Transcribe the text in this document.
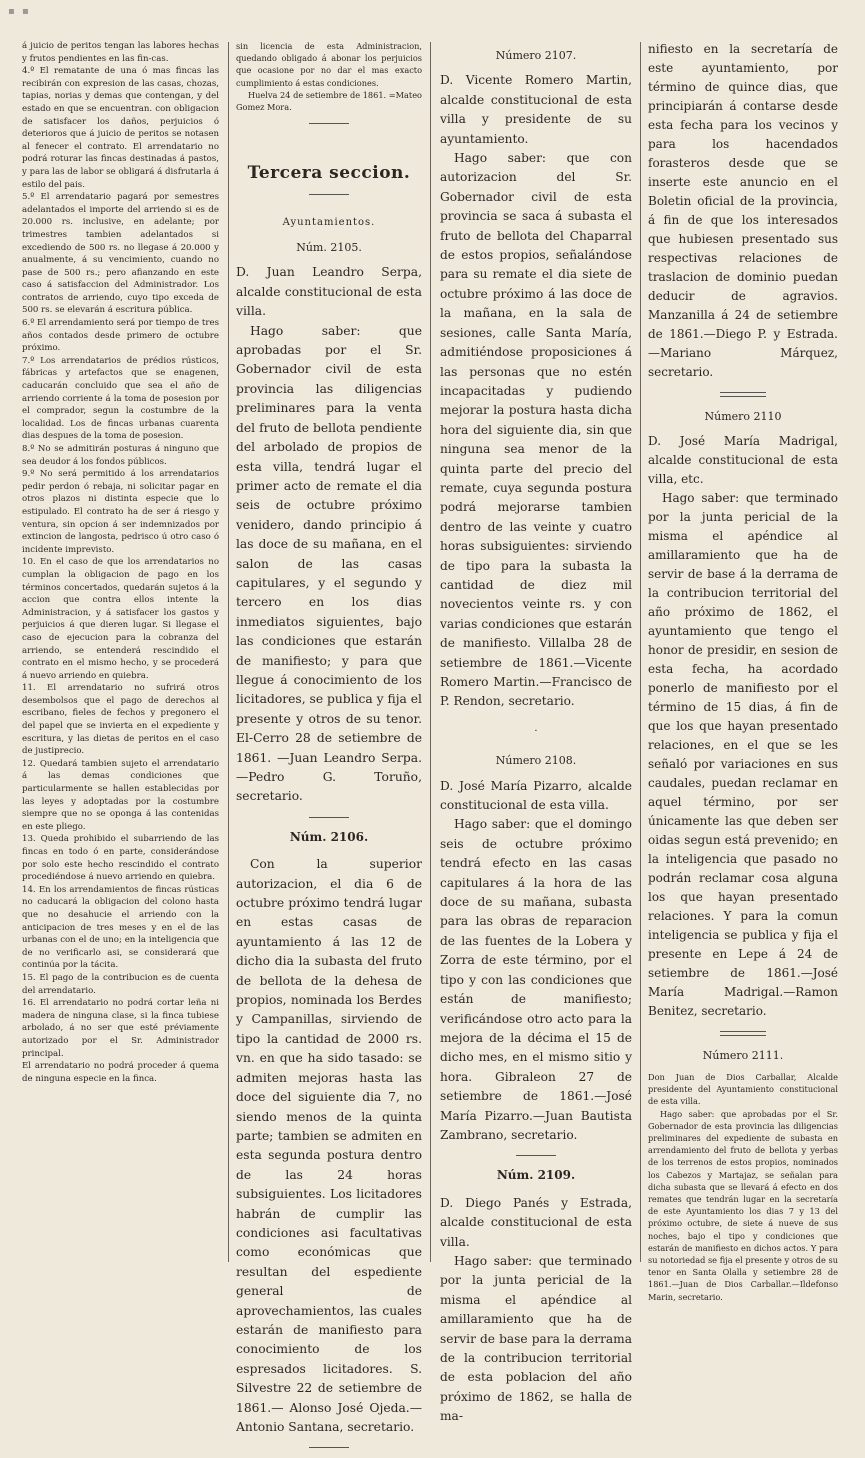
▪ ▪

á juicio de peritos tengan las labores hechas y frutos pendientes en las fin-cas.

4.º El rematante de una ó mas fincas las recibirán con expresion de las casas, chozas, tapias, norias y demas que contengan, y del estado en que se encuentran. con obligacion de satisfacer los daños, perjuicios ó deterioros que á juicio de peritos se notasen al fenecer el contrato. El arrendatario no podrá roturar las fincas destinadas á pastos, y para las de labor se obligará á disfrutarla á estilo del pais.

5.º El arrendatario pagará por semestres adelantados el importe del arriendo si es de 20.000 rs. inclusive, en adelante; por trimestres tambien adelantados si excediendo de 500 rs. no llegase á 20.000 y anualmente, á su vencimiento, cuando no pase de 500 rs.; pero afianzando en este caso á satisfaccion del Administrador. Los contratos de arriendo, cuyo tipo exceda de 500 rs. se elevarán á escritura pública.

6.º El arrendamiento será por tiempo de tres años contados desde primero de octubre próximo.

7.º Los arrendatarios de prédios rústicos, fábricas y artefactos que se enagenen, caducarán concluido que sea el año de arriendo corriente á la toma de posesion por el comprador, segun la costumbre de la localidad. Los de fincas urbanas cuarenta dias despues de la toma de posesion.

8.º No se admitirán posturas á ninguno que sea deudor á los fondos públicos.

9.º No será permitido á los arrendatarios pedir perdon ó rebaja, ni solicitar pagar en otros plazos ni distinta especie que lo estipulado. El contrato ha de ser á riesgo y ventura, sin opcion á ser indemnizados por extincion de langosta, pedrisco ú otro caso ó incidente imprevisto.

10. En el caso de que los arrendatarios no cumplan la obligacion de pago en los términos concertados, quedarán sujetos á la accion que contra ellos intente la Administracion, y á satisfacer los gastos y perjuicios á que dieren lugar. Si llegase el caso de ejecucion para la cobranza del arriendo, se entenderá rescindido el contrato en el mismo hecho, y se procederá á nuevo arriendo en quiebra.

11. El arrendatario no sufrirá otros desembolsos que el pago de derechos al escribano, fieles de fechos y pregonero el del papel que se invierta en el expediente y escritura, y las dietas de peritos en el caso de justiprecio.

12. Quedará tambien sujeto el arrendatario á las demas condiciones que particularmente se hallen establecidas por las leyes y adoptadas por la costumbre siempre que no se oponga á las contenidas en este pliego.

13. Queda prohibido el subarriendo de las fincas en todo ó en parte, considerándose por solo este hecho rescindido el contrato procediéndose á nuevo arriendo en quiebra.

14. En los arrendamientos de fincas rústicas no caducará la obligacion del colono hasta que no desahucie el arriendo con la anticipacion de tres meses y en el de las urbanas con el de uno; en la inteligencia que de no verificarlo asi, se considerará que continúa por la tácita.

15. El pago de la contribucion es de cuenta del arrendatario.

16. El arrendatario no podrá cortar leña ni madera de ninguna clase, si la finca tubiese arbolado, á no ser que esté préviamente autorizado por el Sr. Administrador principal.

El arrendatario no podrá proceder á quema de ninguna especie en la finca.

sin licencia de esta Administracion, quedando obligado á abonar los perjuicios que ocasione por no dar el mas exacto cumplimiento á estas condiciones.

Huelva 24 de setiembre de 1861. =Mateo Gomez Mora.

Tercera seccion.
Ayuntamientos.
Núm. 2105.

D. Juan Leandro Serpa, alcalde constitucional de esta villa.

Hago saber: que aprobadas por el Sr. Gobernador civil de esta provincia las diligencias preliminares para la venta del fruto de bellota pendiente del arbolado de propios de esta villa, tendrá lugar el primer acto de remate el dia seis de octubre próximo venidero, dando principio á las doce de su mañana, en el salon de las casas capitulares, y el segundo y tercero en los dias inmediatos siguientes, bajo las condiciones que estarán de manifiesto; y para que llegue á conocimiento de los licitadores, se publica y fija el presente y otros de su tenor. El-Cerro 28 de setiembre de 1861. —Juan Leandro Serpa.—Pedro G. Toruño, secretario.

Núm. 2106.

Con la superior autorizacion, el dia 6 de octubre próximo tendrá lugar en estas casas de ayuntamiento á las 12 de dicho dia la subasta del fruto de bellota de la dehesa de propios, nominada los Berdes y Campanillas, sirviendo de tipo la cantidad de 2000 rs. vn. en que ha sido tasado: se admiten mejoras hasta las doce del siguiente dia 7, no siendo menos de la quinta parte; tambien se admiten en esta segunda postura dentro de las 24 horas subsiguientes. Los licitadores habrán de cumplir las condiciones asi facultativas como económicas que resultan del espediente general de aprovechamientos, las cuales estarán de manifiesto para conocimiento de los espresados licitadores. S. Silvestre 22 de setiembre de 1861.— Alonso José Ojeda.—Antonio Santana, secretario.

Número 2107.

D. Vicente Romero Martin, alcalde constitucional de esta villa y presidente de su ayuntamiento.

Hago saber: que con autorizacion del Sr. Gobernador civil de esta provincia se saca á subasta el fruto de bellota del Chaparral de estos propios, señalándose para su remate el dia siete de octubre próximo á las doce de la mañana, en la sala de sesiones, calle Santa María, admitiéndose proposiciones á las personas que no estén incapacitadas y pudiendo mejorar la postura hasta dicha hora del siguiente dia, sin que ninguna sea menor de la quinta parte del precio del remate, cuya segunda postura podrá mejorarse tambien dentro de las veinte y cuatro horas subsiguientes: sirviendo de tipo para la subasta la cantidad de diez mil novecientos veinte rs. y con varias condiciones que estarán de manifiesto. Villalba 28 de setiembre de 1861.—Vicente Romero Martin.—Francisco de P. Rendon, secretario.

·
Número 2108.

D. José María Pizarro, alcalde constitucional de esta villa.

Hago saber: que el domingo seis de octubre próximo tendrá efecto en las casas capitulares á la hora de las doce de su mañana, subasta para las obras de reparacion de las fuentes de la Lobera y Zorra de este término, por el tipo y con las condiciones que están de manifiesto; verificándose otro acto para la mejora de la décima el 15 de dicho mes, en el mismo sitio y hora. Gibraleon 27 de setiembre de 1861.—José María Pizarro.—Juan Bautista Zambrano, secretario.

Núm. 2109.

D. Diego Panés y Estrada, alcalde constitucional de esta villa.

Hago saber: que terminado por la junta pericial de la misma el apéndice al amillaramiento que ha de servir de base para la derrama de la contribucion territorial de esta poblacion del año próximo de 1862, se halla de ma-

nifiesto en la secretaría de este ayuntamiento, por término de quince dias, que principiarán á contarse desde esta fecha para los vecinos y para los hacendados forasteros desde que se inserte este anuncio en el Boletin oficial de la provincia, á fin de que los interesados que hubiesen presentado sus respectivas relaciones de traslacion de dominio puedan deducir de agravios. Manzanilla á 24 de setiembre de 1861.—Diego P. y Estrada. —Mariano Márquez, secretario.

Número 2110

D. José María Madrigal, alcalde constitucional de esta villa, etc.

Hago saber: que terminado por la junta pericial de la misma el apéndice al amillaramiento que ha de servir de base á la derrama de la contribucion territorial del año próximo de 1862, el ayuntamiento que tengo el honor de presidir, en sesion de esta fecha, ha acordado ponerlo de manifiesto por el término de 15 dias, á fin de que los que hayan presentado relaciones, en el que se les señaló por variaciones en sus caudales, puedan reclamar en aquel término, por ser únicamente las que deben ser oidas segun está prevenido; en la inteligencia que pasado no podrán reclamar cosa alguna los que hayan presentado relaciones. Y para la comun inteligencia se publica y fija el presente en Lepe á 24 de setiembre de 1861.—José María Madrigal.—Ramon Benitez, secretario.

Número 2111.

Don Juan de Dios Carballar, Alcalde presidente del Ayuntamiento constitucional de esta villa.

Hago saber: que aprobadas por el Sr. Gobernador de esta provincia las diligencias preliminares del expediente de subasta en arrendamiento del fruto de bellota y yerbas de los terrenos de estos propios, nominados los Cabezos y Martajaz, se señalan para dicha subasta que se llevará á efecto en dos remates que tendrán lugar en la secretaría de este Ayuntamiento los dias 7 y 13 del próximo octubre, de siete á nueve de sus noches, bajo el tipo y condiciones que estarán de manifiesto en dichos actos. Y para su notoriedad se fija el presente y otros de su tenor en Santa Olalla y setiembre 28 de 1861.—Juan de Dios Carballar.—Ildefonso Marin, secretario.
